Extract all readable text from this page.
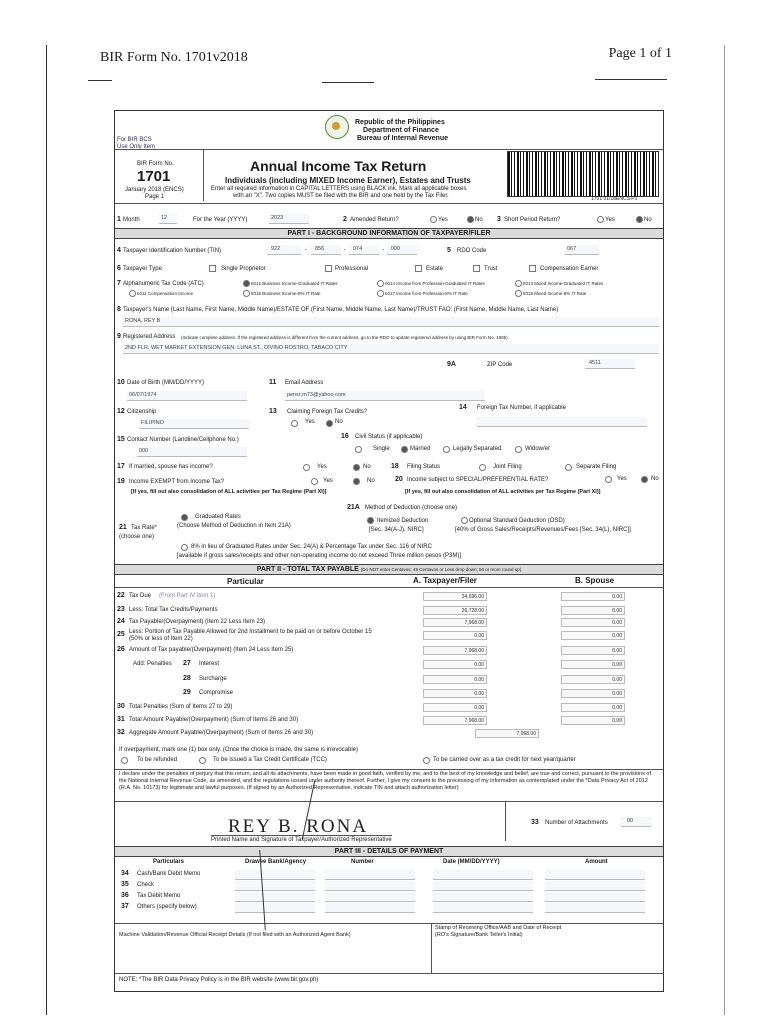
BIR Form No. 1701v2018	Page 1 of 1
For BIR BCS
Use Only Item
Republic of the Philippines
Department of Finance
Bureau of Internal Revenue
BIR Form No.
1701
January 2018 (ENCS)
Page 1
Annual Income Tax Return
Individuals (including MIXED Income Earner), Estates and Trusts
Enter all required information in CAPITAL LETTERS using BLACK ink. Mark all applicable boxes
with an "X". Two copies MUST be filed with the BIR and one held by the Tax Filer.	1701 01/18ENCS P1
1 Month	12	For the Year (YYYY)	2023	2 Amended Return?	Yes	No 3 Short Period Return?	Yes	No
PART I - BACKGROUND INFORMATION OF TAXPAYER/FILER
4 Taxpayer Identification Number (TIN)	922	- 856	- 074	- 000	5 RDO Code	067
6 Taxpayer Type	Single Proprietor	Professional	Estate	Trust	Compensation Earner
7 Alphanumeric Tax Code (ATC)	II012 Business Income-Graduated IT Rates	II014 Income from Profession-Graduated IT Rates	II013 Mixed Income-Graduated IT Rates
II011 Compensation Income	II015 Business Income-8% IT Rate	II017 Income from Profession-8% IT Rate	II016 Mixed Income-8% IT Rate
8 Taxpayer's Name (Last Name, First Name, Middle Name)/ESTATE OF (First Name, Middle Name, Last Name)/TRUST FAO: (First Name, Middle Name, Last Name)
RONA, REY B
9 Registered Address (Indicate complete address. If the registered address is different from the current address, go to the RDO to update registered address by using BIR Form No. 1905)
2ND FLR. WET MARKET EXTENSION GEN. LUNA ST., DIVINO ROSTRO, TABACO CITY
9A	ZIP Code	4511
10 Date of Birth (MM/DD/YYYY)
06/07/1974
11 Email Address
perez.m73@yahoo.com
12 Citizenship
FILIPINO
13 Claiming Foreign Tax Credits?
Yes	No
14 Foreign Tax Number, if applicable
15 Contact Number (Landline/Cellphone No.)
000
16 Civil Status (if applicable)
Single	Married	Legally Separated	Widow/er
17 If married, spouse has income?	Yes	No	18 Filing Status	Joint Filing	Separate Filing
19 Income EXEMPT from Income Tax?	Yes	No
[If yes, fill out also consolidation of ALL activities per Tax Regime (Part XI)]
20 Income subject to SPECIAL/PREFERENTIAL RATE?	Yes	No
[If yes, fill out also consolidation of ALL activities per Tax Regime (Part XI)]
21A Method of Deduction (choose one)
Graduated Rates
21 Tax Rate*
(choose one)
(Choose Method of Deduction in Item 21A)
Itemized Deduction
[Sec. 34(A-J), NIRC]
Optional Standard Deduction (OSD)
[40% of Gross Sales/Receipts/Revenues/Fees [Sec. 34(L), NIRC]]
8% in lieu of Graduated Rates under Sec. 24(A) & Percentage Tax under Sec. 116 of NIRC
[available if gross sales/receipts and other non-operating income do not exceed Three million pesos (P3M)]
PART II - TOTAL TAX PAYABLE (Do NOT enter Centavos; 49 Centavos or Less drop down; 50 or more round up)
Particular	A. Taxpayer/Filer	B. Spouse
22 Tax Due (From Part IV Item 1)	34,696.00	0.00
23 Less: Total Tax Credits/Payments	26,728.00	0.00
24 Tax Payable/(Overpayment) (Item 22 Less Item 23)	7,968.00	0.00
25 Less: Portion of Tax Payable Allowed for 2nd Installment to be paid on or before October 15 (50% or less of Item 22)	0.00	0.00
26 Amount of Tax payable/(Overpayment) (Item 24 Less Item 25)	7,968.00	0.00
Add: Penalties 27 Interest	0.00	0.00
28 Surcharge	0.00	0.00
29 Compromise	0.00	0.00
30 Total Penalties (Sum of Items 27 to 29)	0.00	0.00
31 Total Amount Payable/(Overpayment) (Sum of Items 26 and 30)	7,968.00	0.00
32 Aggregate Amount Payable/(Overpayment) (Sum of Items 26 and 30)	7,968.00
If overpayment, mark one (1) box only. (Once the choice is made, the same is irrevocable)
To be refunded	To be issued a Tax Credit Certificate (TCC)	To be carried over as a tax credit for next year/quarter
I declare under the penalties of perjury that this return, and all its attachments, have been made in good faith, verified by me, and to the best of my knowledge and belief, are true and correct, pursuant to the provisions of the National Internal Revenue Code, as amended, and the regulations issued under authority thereof. Further, I give my consent to the processing of my information as contemplated under the *Data Privacy Act of 2012 (R.A. No. 10173) for legitimate and lawful purposes. (If signed by an Authorized Representative, indicate TIN and attach authorization letter)
33 Number of Attachments	00
Printed Name and Signature of Taxpayer/Authorized Representative
PART III - DETAILS OF PAYMENT
Particulars	Drawee Bank/Agency	Number	Date (MM/DD/YYYY)	Amount
34 Cash/Bank Debit Memo
35 Check
36 Tax Debit Memo
37 Others (specify below)
Machine Validation/Revenue Official Receipt Details (If not filed with an Authorized Agent Bank)
Stamp of Receiving Office/AAB and Date of Receipt
(RO's Signature/Bank Teller's Initial)
NOTE: *The BIR Data Privacy Policy is in the BIR website (www.bir.gov.ph)
REY B. RONA
